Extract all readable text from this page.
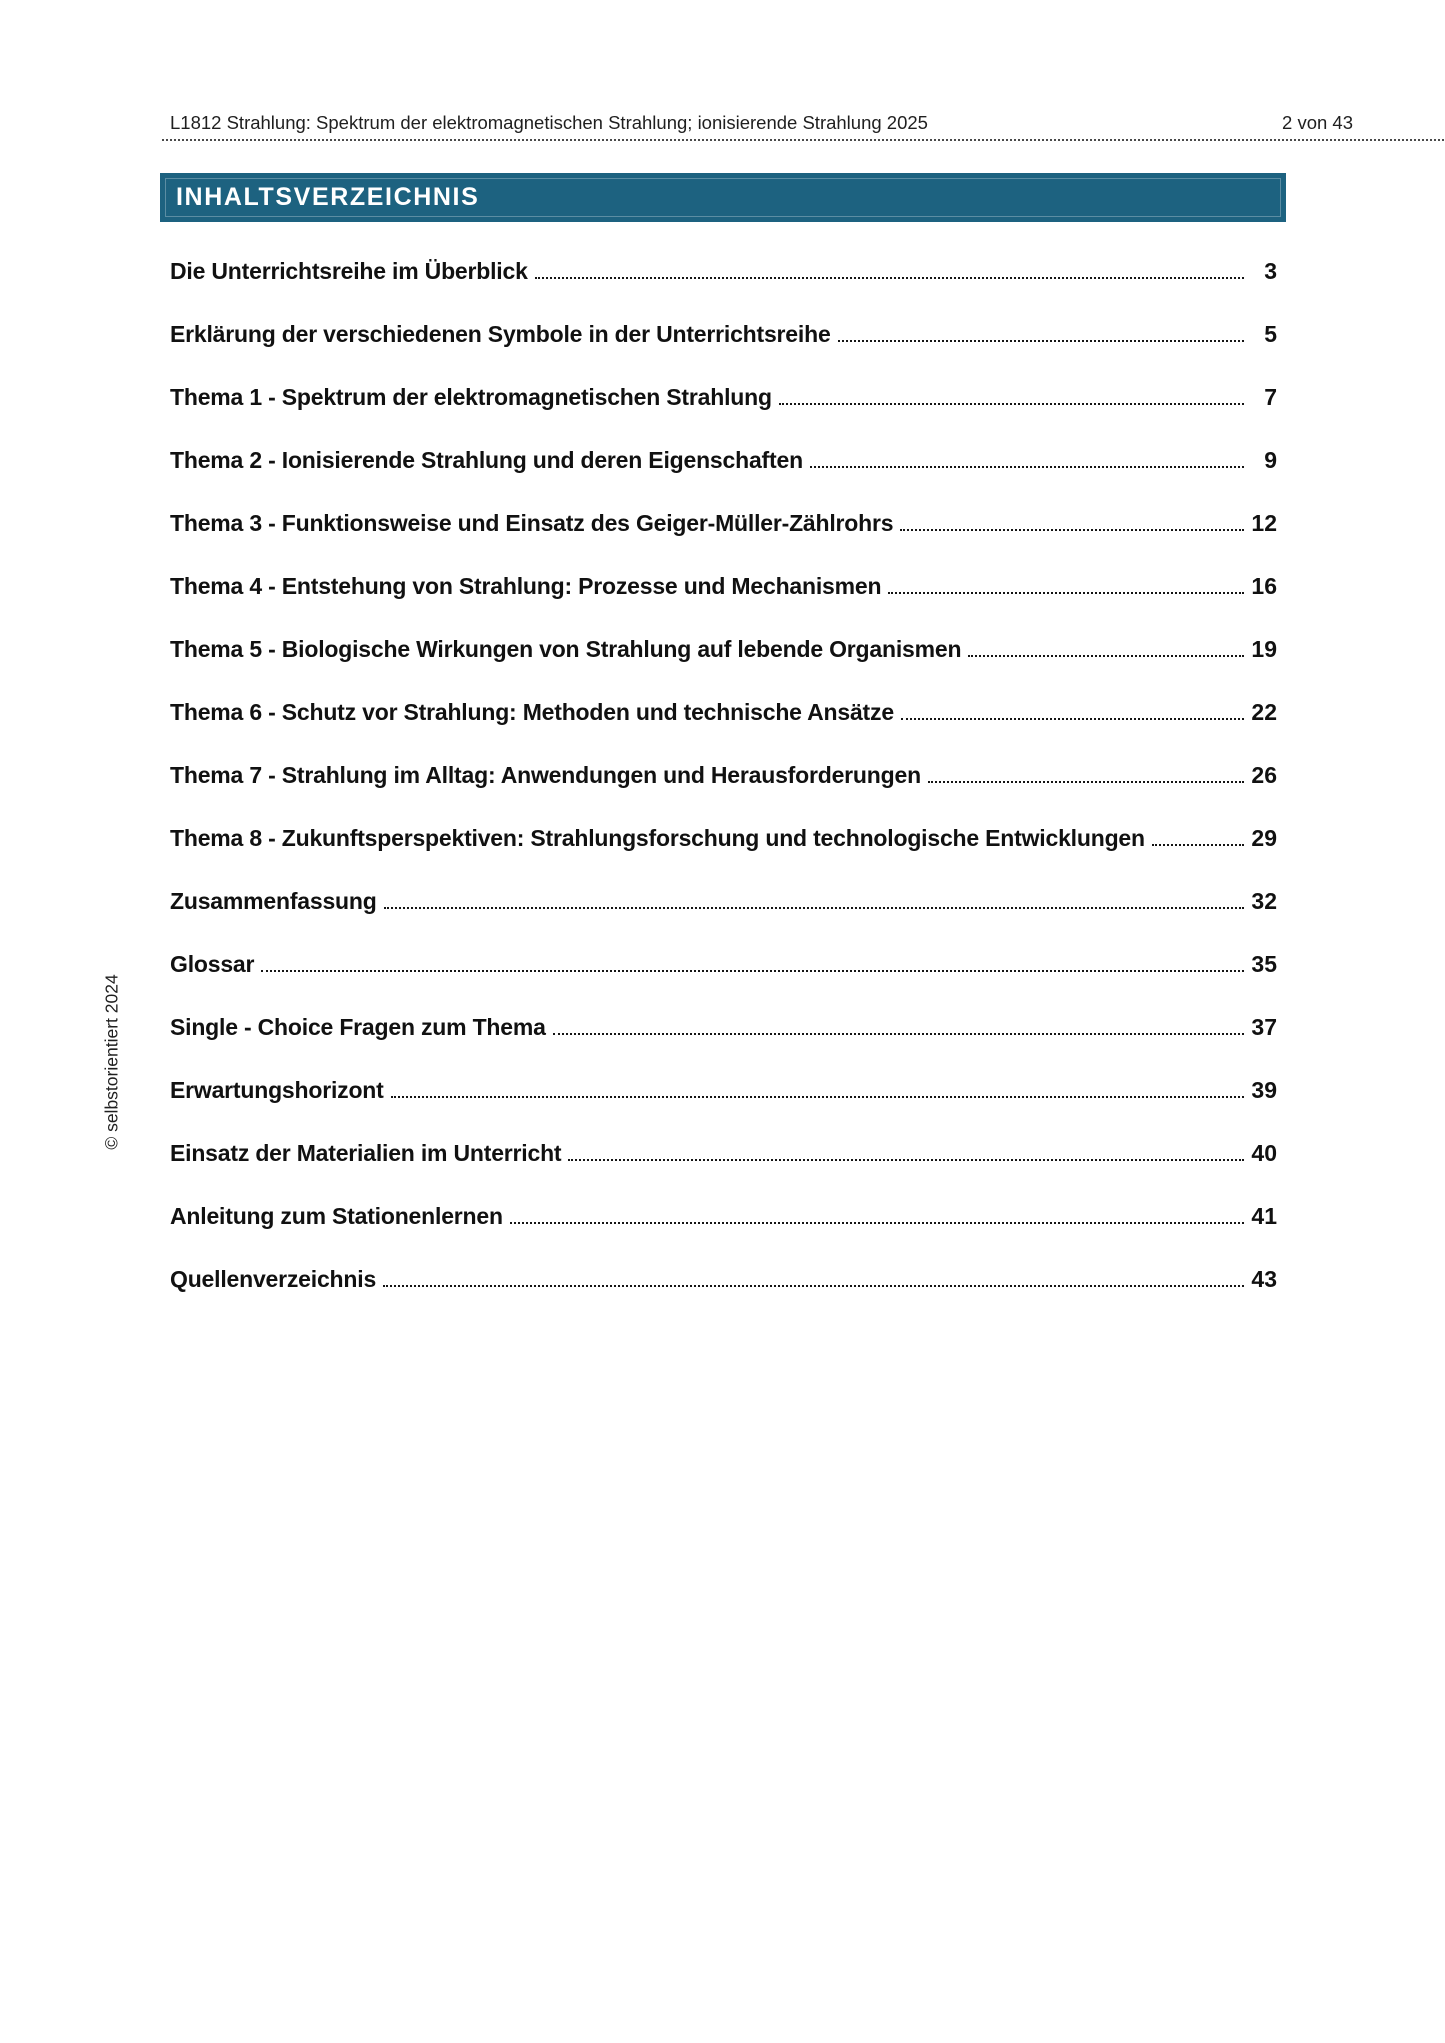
L1812 Strahlung: Spektrum der elektromagnetischen Strahlung; ionisierende Strahlung 2025	2 von 43
INHALTSVERZEICHNIS
Die Unterrichtsreihe im Überblick	3
Erklärung der verschiedenen Symbole in der Unterrichtsreihe	5
Thema 1 - Spektrum der elektromagnetischen Strahlung	7
Thema 2 - Ionisierende Strahlung und deren Eigenschaften	9
Thema 3 - Funktionsweise und Einsatz des Geiger-Müller-Zählrohrs	12
Thema 4 - Entstehung von Strahlung: Prozesse und Mechanismen	16
Thema 5 - Biologische Wirkungen von Strahlung auf lebende Organismen	19
Thema 6 - Schutz vor Strahlung: Methoden und technische Ansätze	22
Thema 7 - Strahlung im Alltag: Anwendungen und Herausforderungen	26
Thema 8 - Zukunftsperspektiven: Strahlungsforschung und technologische Entwicklungen	29
Zusammenfassung	32
Glossar	35
Single - Choice Fragen zum Thema	37
Erwartungshorizont	39
Einsatz der Materialien im Unterricht	40
Anleitung zum Stationenlernen	41
Quellenverzeichnis	43
© selbstorientiert 2024
